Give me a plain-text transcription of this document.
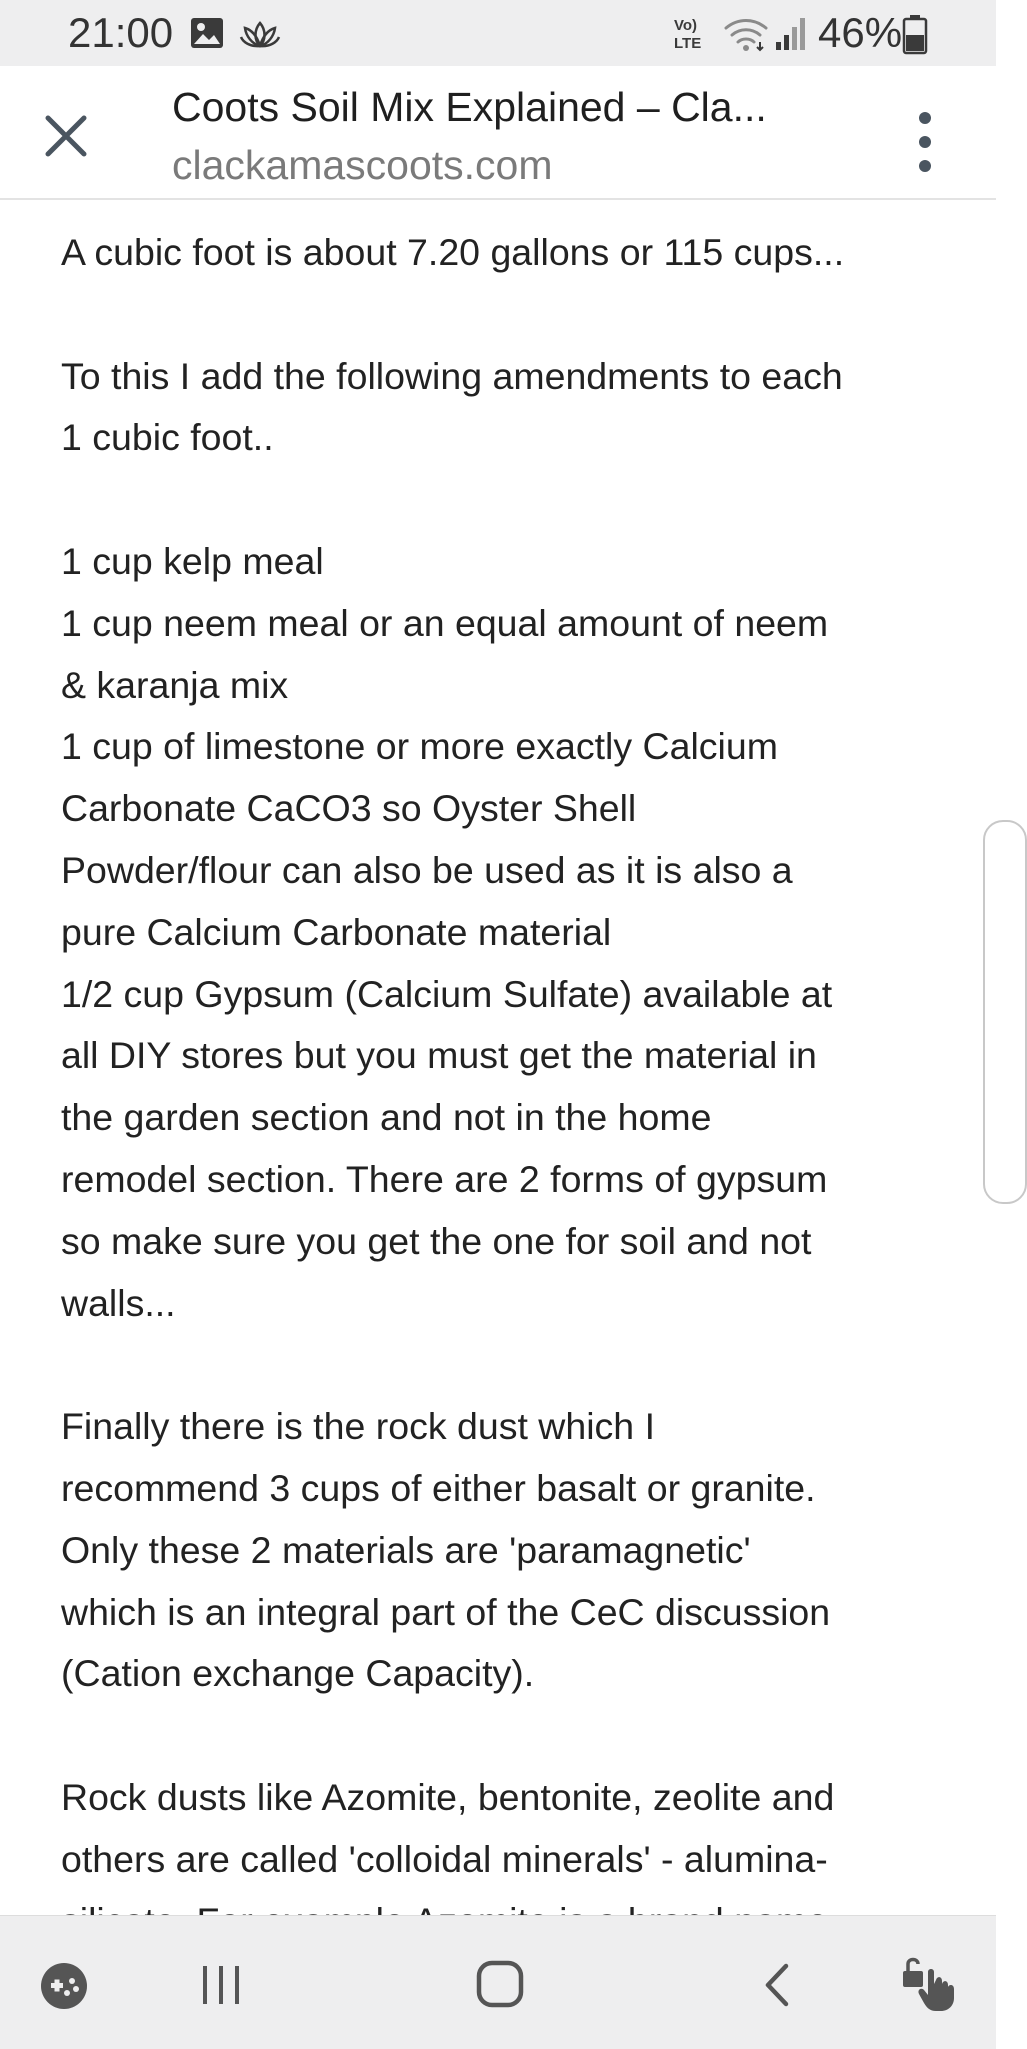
21:00	Vo)
LTE	46%
Coots Soil Mix Explained – Cla...
clackamascoots.com

A cubic foot is about 7.20 gallons or 115 cups...

To this I add the following amendments to each
1 cubic foot..

1 cup kelp meal
1 cup neem meal or an equal amount of neem
& karanja mix
1 cup of limestone or more exactly Calcium
Carbonate CaCO3 so Oyster Shell
Powder/flour can also be used as it is also a
pure Calcium Carbonate material
1/2 cup Gypsum (Calcium Sulfate) available at
all DIY stores but you must get the material in
the garden section and not in the home
remodel section. There are 2 forms of gypsum
so make sure you get the one for soil and not
walls...

Finally there is the rock dust which I
recommend 3 cups of either basalt or granite.
Only these 2 materials are 'paramagnetic'
which is an integral part of the CeC discussion
(Cation exchange Capacity).

Rock dusts like Azomite, bentonite, zeolite and
others are called 'colloidal minerals' - alumina-
